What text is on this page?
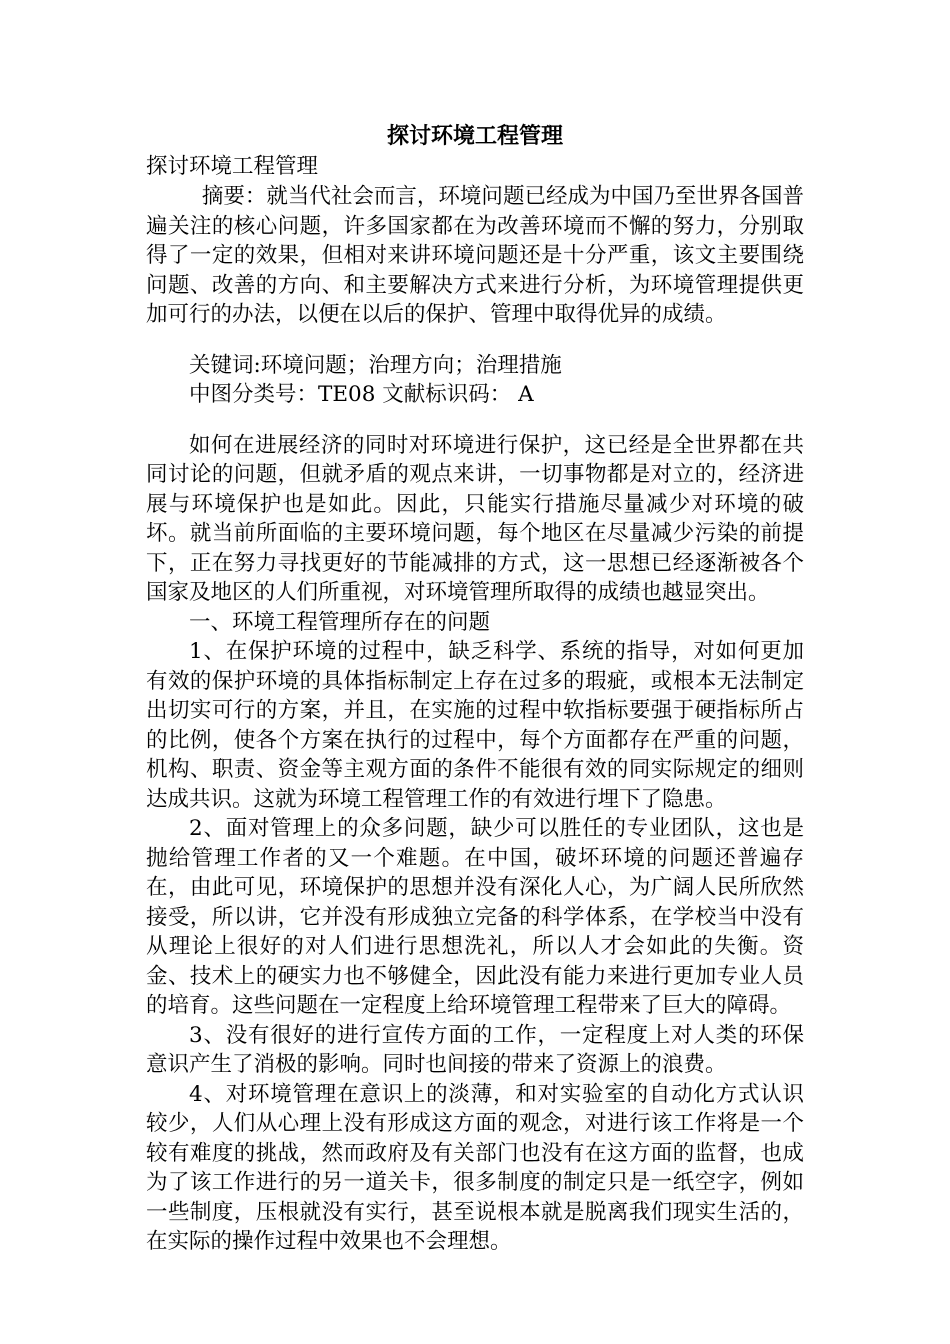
探讨环境工程管理

探讨环境工程管理

摘要：就当代社会而言，环境问题已经成为中国乃至世界各国普遍关注的核心问题，许多国家都在为改善环境而不懈的努力，分别取得了一定的效果，但相对来讲环境问题还是十分严重，该文主要围绕问题、改善的方向、和主要解决方式来进行分析，为环境管理提供更加可行的办法，以便在以后的保护、管理中取得优异的成绩。

关键词:环境问题；治理方向；治理措施

中图分类号：TE08 文献标识码： A

如何在进展经济的同时对环境进行保护，这已经是全世界都在共同讨论的问题，但就矛盾的观点来讲，一切事物都是对立的，经济进展与环境保护也是如此。因此，只能实行措施尽量减少对环境的破坏。就当前所面临的主要环境问题，每个地区在尽量减少污染的前提下，正在努力寻找更好的节能减排的方式，这一思想已经逐渐被各个国家及地区的人们所重视，对环境管理所取得的成绩也越显突出。

一、环境工程管理所存在的问题

1、在保护环境的过程中，缺乏科学、系统的指导，对如何更加有效的保护环境的具体指标制定上存在过多的瑕疵，或根本无法制定出切实可行的方案，并且，在实施的过程中软指标要强于硬指标所占的比例，使各个方案在执行的过程中，每个方面都存在严重的问题，机构、职责、资金等主观方面的条件不能很有效的同实际规定的细则达成共识。这就为环境工程管理工作的有效进行埋下了隐患。

2、面对管理上的众多问题，缺少可以胜任的专业团队，这也是抛给管理工作者的又一个难题。在中国，破坏环境的问题还普遍存在，由此可见，环境保护的思想并没有深化人心，为广阔人民所欣然接受，所以讲，它并没有形成独立完备的科学体系，在学校当中没有从理论上很好的对人们进行思想洗礼，所以人才会如此的失衡。资金、技术上的硬实力也不够健全，因此没有能力来进行更加专业人员的培育。这些问题在一定程度上给环境管理工程带来了巨大的障碍。

3、没有很好的进行宣传方面的工作，一定程度上对人类的环保意识产生了消极的影响。同时也间接的带来了资源上的浪费。

4、对环境管理在意识上的淡薄，和对实验室的自动化方式认识较少，人们从心理上没有形成这方面的观念，对进行该工作将是一个较有难度的挑战，然而政府及有关部门也没有在这方面的监督，也成为了该工作进行的另一道关卡，很多制度的制定只是一纸空字，例如一些制度，压根就没有实行，甚至说根本就是脱离我们现实生活的，在实际的操作过程中效果也不会理想。
